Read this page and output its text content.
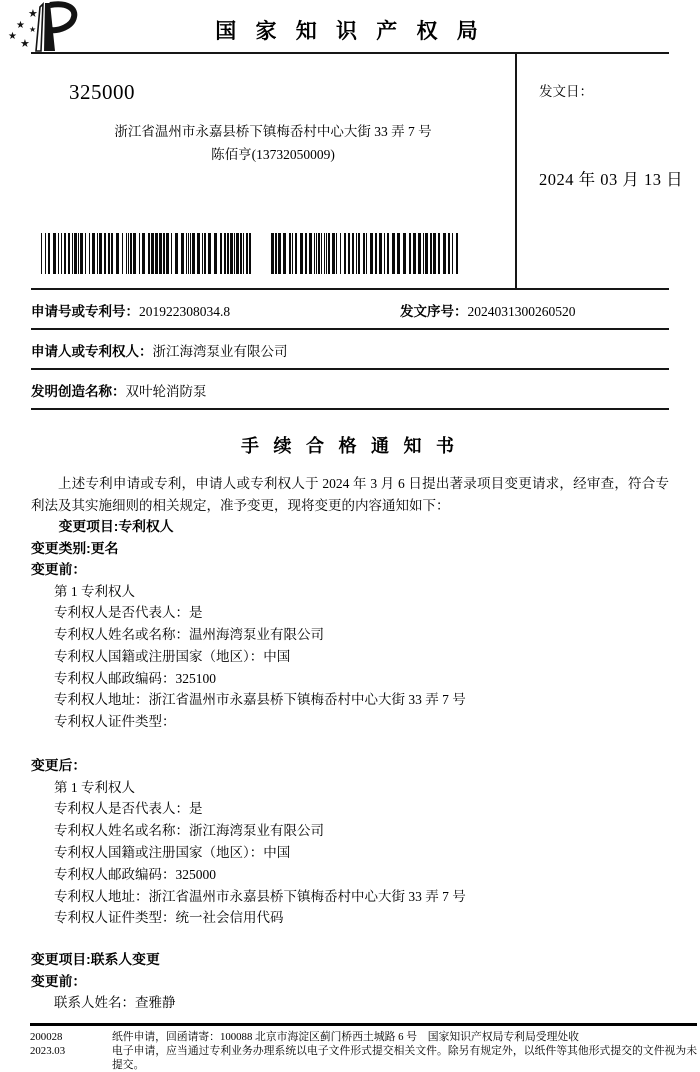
★
★ ★
★
★
国 家 知 识 产 权 局
325000
浙江省温州市永嘉县桥下镇梅岙村中心大街 33 弄 7 号
陈佰亨(13732050009)
发文日：
2024 年 03 月 13 日
申请号或专利号：201922308034.8	发文序号：2024031300260520
申请人或专利权人：浙江海湾泵业有限公司
发明创造名称：双叶轮消防泵
手 续 合 格 通 知 书

上述专利申请或专利，申请人或专利权人于 2024 年 3 月 6 日提出著录项目变更请求，经审查，符合专利法及其实施细则的相关规定，准予变更，现将变更的内容通知如下：

变更项目:专利权人
变更类别:更名
变更前：
第 1 专利权人
专利权人是否代表人：是
专利权人姓名或名称：温州海湾泵业有限公司
专利权人国籍或注册国家（地区）：中国
专利权人邮政编码：325100
专利权人地址：浙江省温州市永嘉县桥下镇梅岙村中心大街 33 弄 7 号
专利权人证件类型：
变更后：
第 1 专利权人
专利权人是否代表人：是
专利权人姓名或名称：浙江海湾泵业有限公司
专利权人国籍或注册国家（地区）：中国
专利权人邮政编码：325000
专利权人地址：浙江省温州市永嘉县桥下镇梅岙村中心大街 33 弄 7 号
专利权人证件类型：统一社会信用代码
变更项目:联系人变更
变更前：
联系人姓名：查雅静
200028
2023.03
纸件申请，回函请寄：100088 北京市海淀区蓟门桥西土城路 6 号　国家知识产权局专利局受理处收
电子申请，应当通过专利业务办理系统以电子文件形式提交相关文件。除另有规定外，以纸件等其他形式提交的文件视为未提交。
